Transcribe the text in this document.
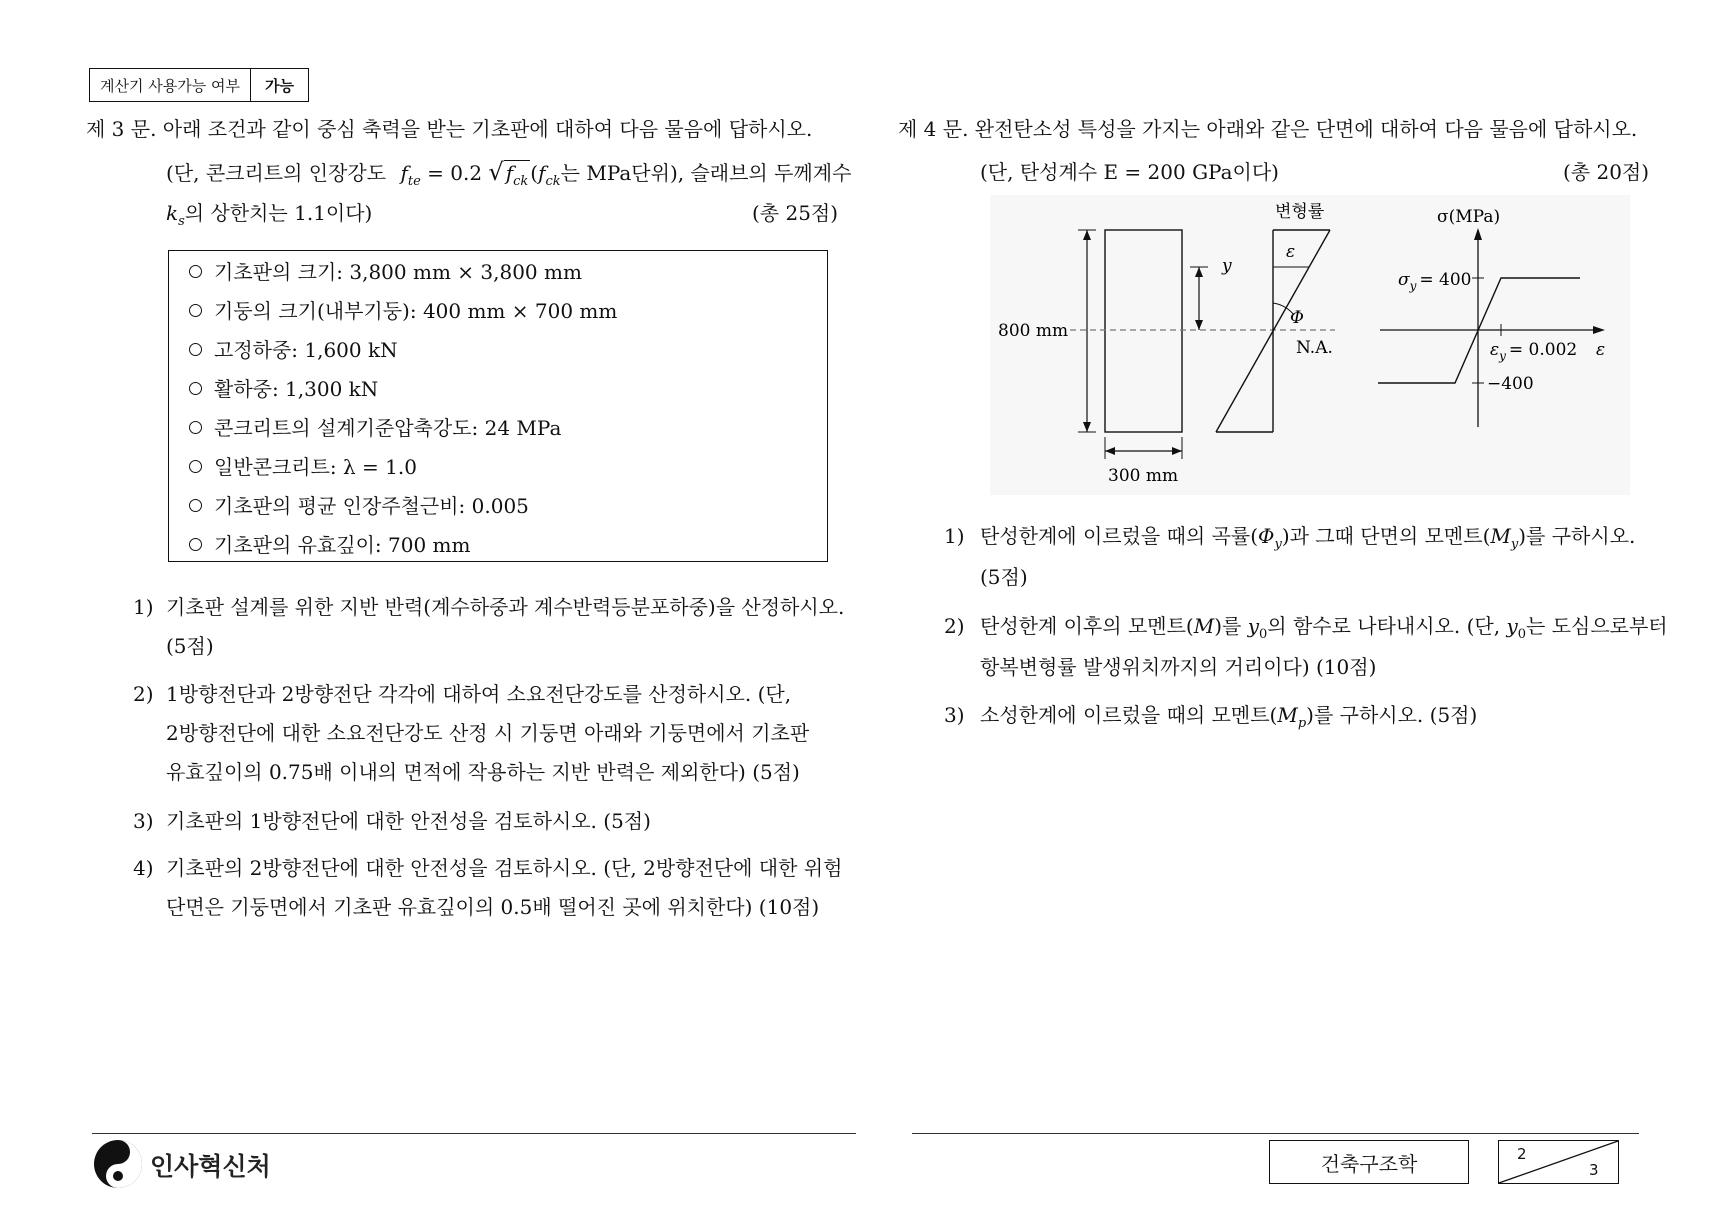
계산기 사용가능 여부	가능
제 3 문. 아래 조건과 같이 중심 축력을 받는 기초판에 대하여 다음 물음에 답하시오.
(단, 콘크리트의 인장강도 $f_{te} = 0.2$ √ $f_{ck}$ ($f_{ck}$는 MPa단위), 슬래브의 두께계수
$k_s$의 상한치는 1.1이다)	(총 25점)
기초판의 크기: 3,800 mm × 3,800 mm
기둥의 크기(내부기둥): 400 mm × 700 mm
고정하중: 1,600 kN
활하중: 1,300 kN
콘크리트의 설계기준압축강도: 24 MPa
일반콘크리트: λ = 1.0
기초판의 평균 인장주철근비: 0.005
기초판의 유효깊이: 700 mm
1) 기초판 설계를 위한 지반 반력(계수하중과 계수반력등분포하중)을 산정하시오.
(5점)
2) 1방향전단과 2방향전단 각각에 대하여 소요전단강도를 산정하시오. (단,
2방향전단에 대한 소요전단강도 산정 시 기둥면 아래와 기둥면에서 기초판
유효깊이의 0.75배 이내의 면적에 작용하는 지반 반력은 제외한다) (5점)
3) 기초판의 1방향전단에 대한 안전성을 검토하시오. (5점)
4) 기초판의 2방향전단에 대한 안전성을 검토하시오. (단, 2방향전단에 대한 위험
단면은 기둥면에서 기초판 유효깊이의 0.5배 떨어진 곳에 위치한다) (10점)
제 4 문. 완전탄소성 특성을 가지는 아래와 같은 단면에 대하여 다음 물음에 답하시오.
(단, 탄성계수 E = 200 GPa이다)	(총 20점)
800 mm
300 mm
y
변형률
ε
Φ
N.A.
σ(MPa)
$\sigma_y = 400$
$\varepsilon_y = 0.002$ ε
−400
1) 탄성한계에 이르렀을 때의 곡률$(\Phi_y)$과 그때 단면의 모멘트$(M_y)$를 구하시오.
(5점)
2) 탄성한계 이후의 모멘트(M)를 $y_0$의 함수로 나타내시오. (단, $y_0$는 도심으로부터
항복변형률 발생위치까지의 거리이다) (10점)
3) 소성한계에 이르렀을 때의 모멘트$(M_p)$를 구하시오. (5점)
인사혁신처	건축구조학	2
3
